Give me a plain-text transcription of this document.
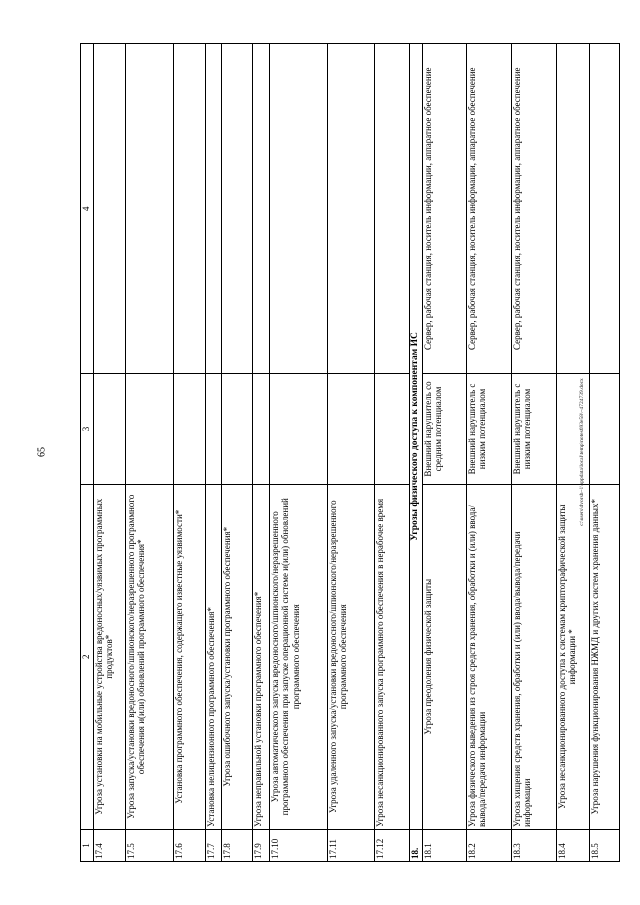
65
1	2	3	4
17.4	Угроза установки на мобильные устройства вредоносных/уязвимых программных продуктов*		
17.5	Угроза запуска/установки вредоносного/шпионского/неразрешенного программного обеспечения и(или) обновлений программного обеспечения*		
17.6	Установка программного обеспечения, содержащего известные уязвимости*		
17.7	Установка нелицензионного программного обеспечения*		
17.8	Угроза ошибочного запуска/установки программного обеспечения*		
17.9	Угроза неправильной установки программного обеспечения*		
17.10	Угроза автоматического запуска вредоносного/шпионского/неразрешенного программного обеспечения при запуске операционной системе и(или) обновлений программного обеспечения		
17.11	Угроза удаленного запуска/установки вредоносного/шпионского/неразрешенного программного обеспечения		
17.12	Угроза несанкционированного запуска программного обеспечения в нерабочее время		
18.	Угрозы физического доступа к компонентам ИС		
18.1	Угроза преодоления физической защиты	Внешний нарушитель со средним потенциалом	Сервер, рабочая станция, носитель информации, аппаратное обеспечение
18.2	Угроза физического выведения из строя средств хранения, обработки и (или) ввода/вывода/передачи информации	Внешний нарушитель с низким потенциалом	Сервер, рабочая станция, носитель информации, аппаратное обеспечение
18.3	Угроза хищения средств хранения, обработки и (или) ввода/вывода/передачи информации	Внешний нарушитель с низким потенциалом	Сервер, рабочая станция, носитель информации, аппаратное обеспечение
18.4	Угроза несанкционированного доступа к системам криптографической защиты информации *		
18.5	Угроза нарушения функционирования НЖМД и других систем хранения данных*		
c:\users\dvorsh~1\appdata\local\temp\notes693e58\~4724739.docx
